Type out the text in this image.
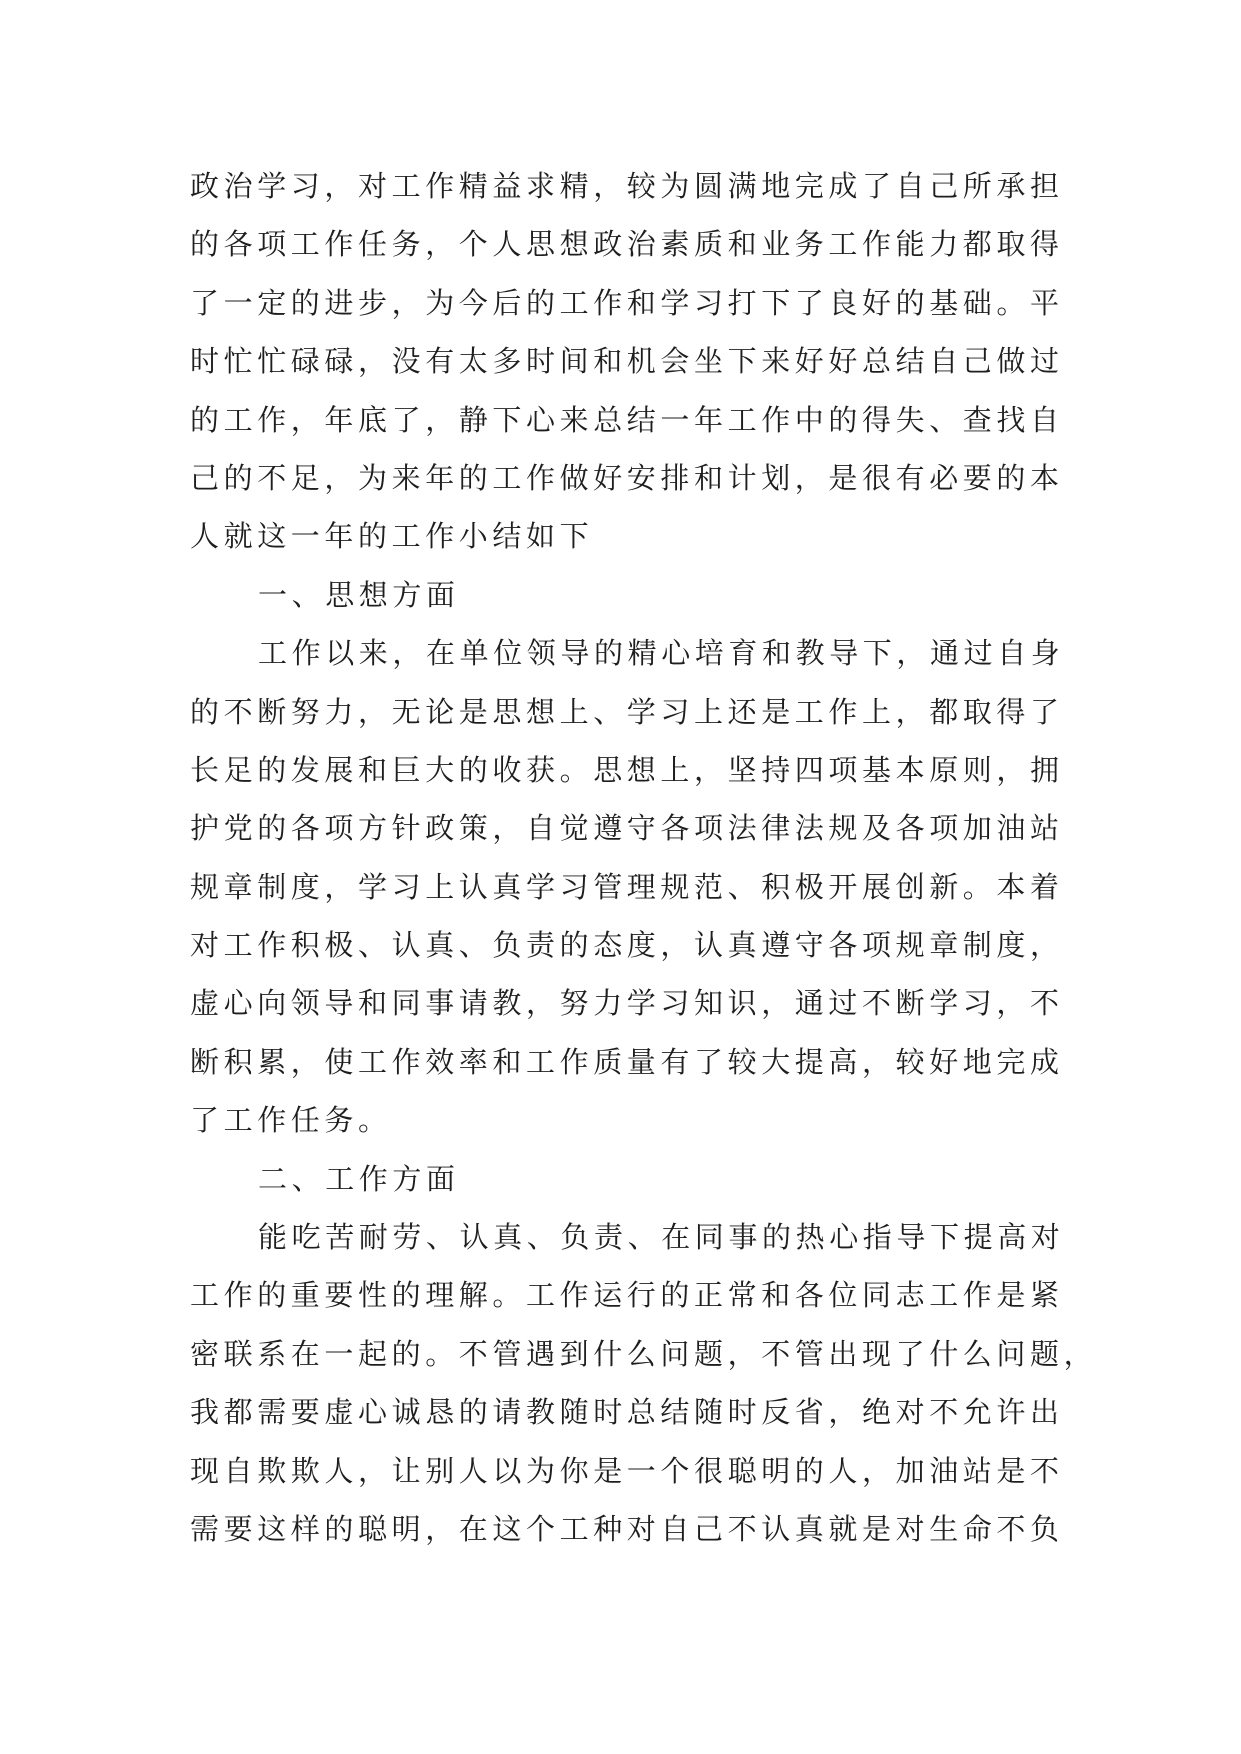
政治学习，对工作精益求精，较为圆满地完成了自己所承担
的各项工作任务，个人思想政治素质和业务工作能力都取得
了一定的进步，为今后的工作和学习打下了良好的基础。平
时忙忙碌碌，没有太多时间和机会坐下来好好总结自己做过
的工作，年底了，静下心来总结一年工作中的得失、查找自
己的不足，为来年的工作做好安排和计划，是很有必要的本
人就这一年的工作小结如下
一、思想方面
工作以来，在单位领导的精心培育和教导下，通过自身
的不断努力，无论是思想上、学习上还是工作上，都取得了
长足的发展和巨大的收获。思想上，坚持四项基本原则，拥
护党的各项方针政策，自觉遵守各项法律法规及各项加油站
规章制度，学习上认真学习管理规范、积极开展创新。本着
对工作积极、认真、负责的态度，认真遵守各项规章制度，
虚心向领导和同事请教，努力学习知识，通过不断学习，不
断积累，使工作效率和工作质量有了较大提高，较好地完成
了工作任务。
二、工作方面
能吃苦耐劳、认真、负责、在同事的热心指导下提高对
工作的重要性的理解。工作运行的正常和各位同志工作是紧
密联系在一起的。不管遇到什么问题，不管出现了什么问题，
我都需要虚心诚恳的请教随时总结随时反省，绝对不允许出
现自欺欺人，让别人以为你是一个很聪明的人，加油站是不
需要这样的聪明，在这个工种对自己不认真就是对生命不负
